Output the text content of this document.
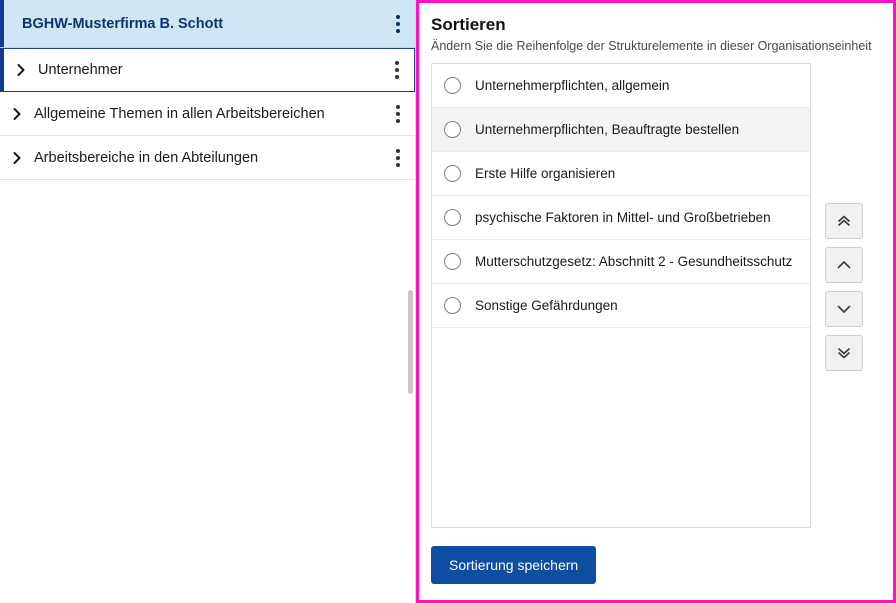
BGHW-Musterfirma B. Schott
Unternehmer
Allgemeine Themen in allen Arbeitsbereichen
Arbeitsbereiche in den Abteilungen
Sortieren
Ändern Sie die Reihenfolge der Strukturelemente in dieser Organisationseinheit
Unternehmerpflichten, allgemein
Unternehmerpflichten, Beauftragte bestellen
Erste Hilfe organisieren
psychische Faktoren in Mittel- und Großbetrieben
Mutterschutzgesetz: Abschnitt 2 - Gesundheitsschutz
Sonstige Gefährdungen
Sortierung speichern
